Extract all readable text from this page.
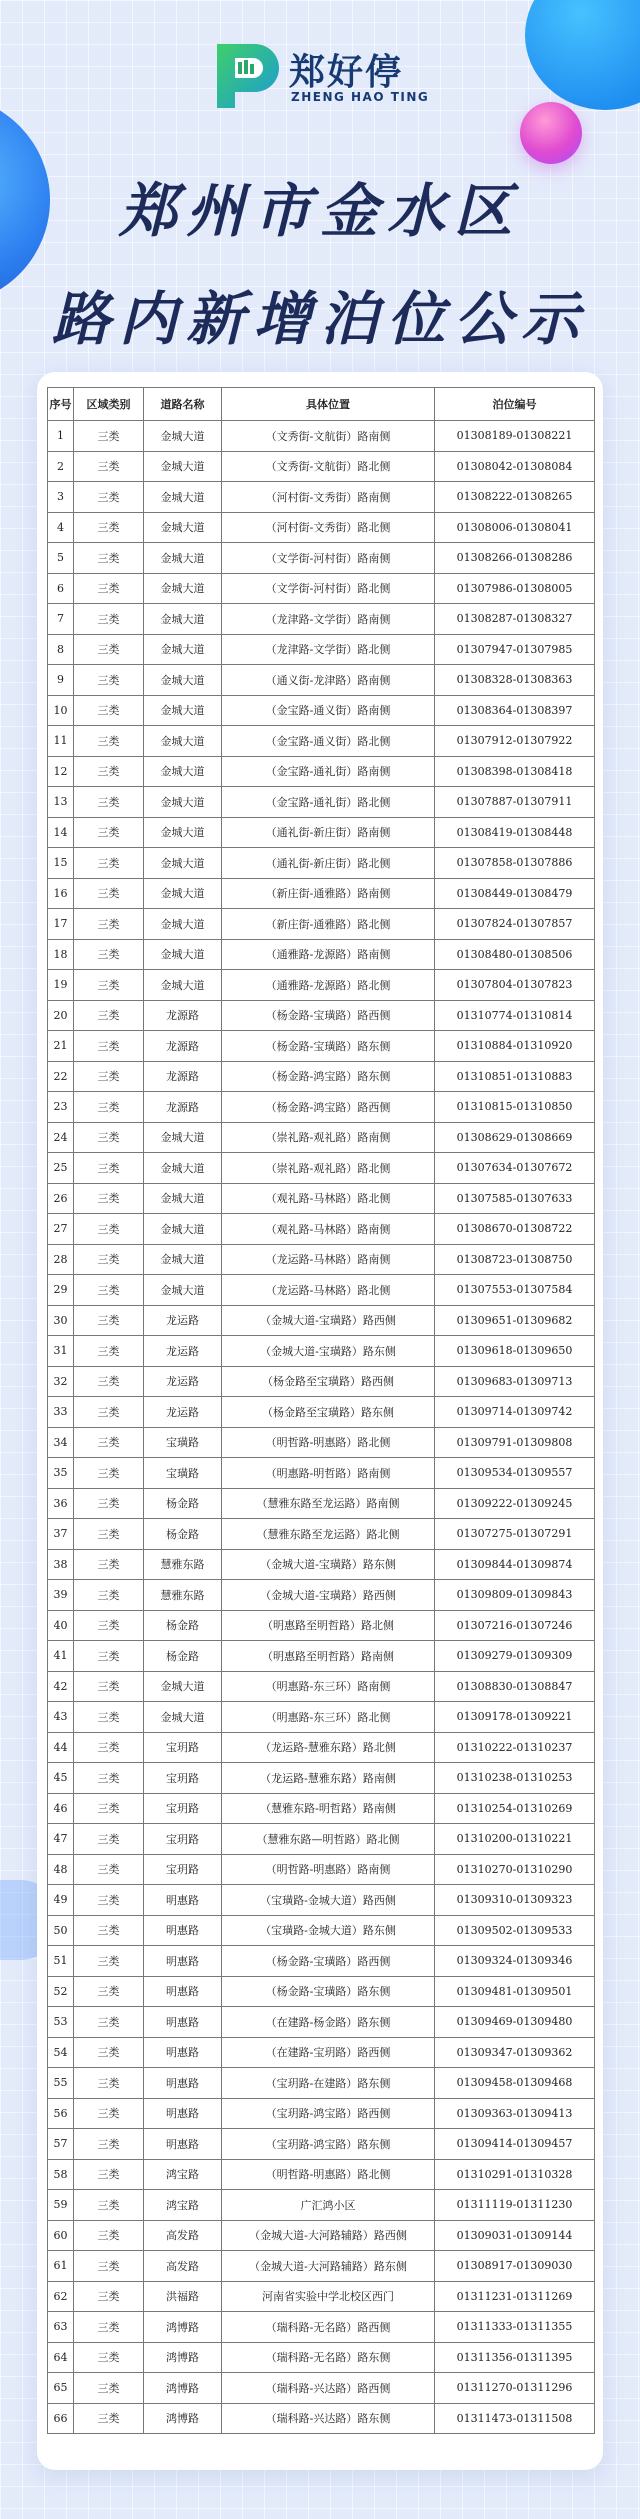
郑好停
ZHENG HAO TING
郑州市金水区
路内新增泊位公示
序号	区域类别	道路名称	具体位置	泊位编号
1	三类	金城大道	（文秀街-文航街）路南侧	01308189-01308221
2	三类	金城大道	（文秀街-文航街）路北侧	01308042-01308084
3	三类	金城大道	（河村街-文秀街）路南侧	01308222-01308265
4	三类	金城大道	（河村街-文秀街）路北侧	01308006-01308041
5	三类	金城大道	（文学街-河村街）路南侧	01308266-01308286
6	三类	金城大道	（文学街-河村街）路北侧	01307986-01308005
7	三类	金城大道	（龙津路-文学街）路南侧	01308287-01308327
8	三类	金城大道	（龙津路-文学街）路北侧	01307947-01307985
9	三类	金城大道	（通义街-龙津路）路南侧	01308328-01308363
10	三类	金城大道	（金宝路-通义街）路南侧	01308364-01308397
11	三类	金城大道	（金宝路-通义街）路北侧	01307912-01307922
12	三类	金城大道	（金宝路-通礼街）路南侧	01308398-01308418
13	三类	金城大道	（金宝路-通礼街）路北侧	01307887-01307911
14	三类	金城大道	（通礼街-新庄街）路南侧	01308419-01308448
15	三类	金城大道	（通礼街-新庄街）路北侧	01307858-01307886
16	三类	金城大道	（新庄街-通雅路）路南侧	01308449-01308479
17	三类	金城大道	（新庄街-通雅路）路北侧	01307824-01307857
18	三类	金城大道	（通雅路-龙源路）路南侧	01308480-01308506
19	三类	金城大道	（通雅路-龙源路）路北侧	01307804-01307823
20	三类	龙源路	（杨金路-宝璜路）路西侧	01310774-01310814
21	三类	龙源路	（杨金路-宝璜路）路东侧	01310884-01310920
22	三类	龙源路	（杨金路-鸿宝路）路东侧	01310851-01310883
23	三类	龙源路	（杨金路-鸿宝路）路西侧	01310815-01310850
24	三类	金城大道	（崇礼路-观礼路）路南侧	01308629-01308669
25	三类	金城大道	（崇礼路-观礼路）路北侧	01307634-01307672
26	三类	金城大道	（观礼路-马林路）路北侧	01307585-01307633
27	三类	金城大道	（观礼路-马林路）路南侧	01308670-01308722
28	三类	金城大道	（龙运路-马林路）路南侧	01308723-01308750
29	三类	金城大道	（龙运路-马林路）路北侧	01307553-01307584
30	三类	龙运路	（金城大道-宝璜路）路西侧	01309651-01309682
31	三类	龙运路	（金城大道-宝璜路）路东侧	01309618-01309650
32	三类	龙运路	（杨金路至宝璜路）路西侧	01309683-01309713
33	三类	龙运路	（杨金路至宝璜路）路东侧	01309714-01309742
34	三类	宝璜路	（明哲路-明惠路）路北侧	01309791-01309808
35	三类	宝璜路	（明惠路-明哲路）路南侧	01309534-01309557
36	三类	杨金路	（慧雅东路至龙运路）路南侧	01309222-01309245
37	三类	杨金路	（慧雅东路至龙运路）路北侧	01307275-01307291
38	三类	慧雅东路	（金城大道-宝璜路）路东侧	01309844-01309874
39	三类	慧雅东路	（金城大道-宝璜路）路西侧	01309809-01309843
40	三类	杨金路	（明惠路至明哲路）路北侧	01307216-01307246
41	三类	杨金路	（明惠路至明哲路）路南侧	01309279-01309309
42	三类	金城大道	（明惠路-东三环）路南侧	01308830-01308847
43	三类	金城大道	（明惠路-东三环）路北侧	01309178-01309221
44	三类	宝玥路	（龙运路-慧雅东路）路北侧	01310222-01310237
45	三类	宝玥路	（龙运路-慧雅东路）路南侧	01310238-01310253
46	三类	宝玥路	（慧雅东路-明哲路）路南侧	01310254-01310269
47	三类	宝玥路	（慧雅东路—明哲路）路北侧	01310200-01310221
48	三类	宝玥路	（明哲路-明惠路）路南侧	01310270-01310290
49	三类	明惠路	（宝璜路-金城大道）路西侧	01309310-01309323
50	三类	明惠路	（宝璜路-金城大道）路东侧	01309502-01309533
51	三类	明惠路	（杨金路-宝璜路）路西侧	01309324-01309346
52	三类	明惠路	（杨金路-宝璜路）路东侧	01309481-01309501
53	三类	明惠路	（在建路-杨金路）路东侧	01309469-01309480
54	三类	明惠路	（在建路-宝玥路）路西侧	01309347-01309362
55	三类	明惠路	（宝玥路-在建路）路东侧	01309458-01309468
56	三类	明惠路	（宝玥路-鸿宝路）路西侧	01309363-01309413
57	三类	明惠路	（宝玥路-鸿宝路）路东侧	01309414-01309457
58	三类	鸿宝路	（明哲路-明惠路）路北侧	01310291-01310328
59	三类	鸿宝路	广汇鸿小区	01311119-01311230
60	三类	高发路	（金城大道-大河路辅路）路西侧	01309031-01309144
61	三类	高发路	（金城大道-大河路辅路）路东侧	01308917-01309030
62	三类	洪福路	河南省实验中学北校区西门	01311231-01311269
63	三类	鸿博路	（瑞科路-无名路）路西侧	01311333-01311355
64	三类	鸿博路	（瑞科路-无名路）路东侧	01311356-01311395
65	三类	鸿博路	（瑞科路-兴达路）路西侧	01311270-01311296
66	三类	鸿博路	（瑞科路-兴达路）路东侧	01311473-01311508
